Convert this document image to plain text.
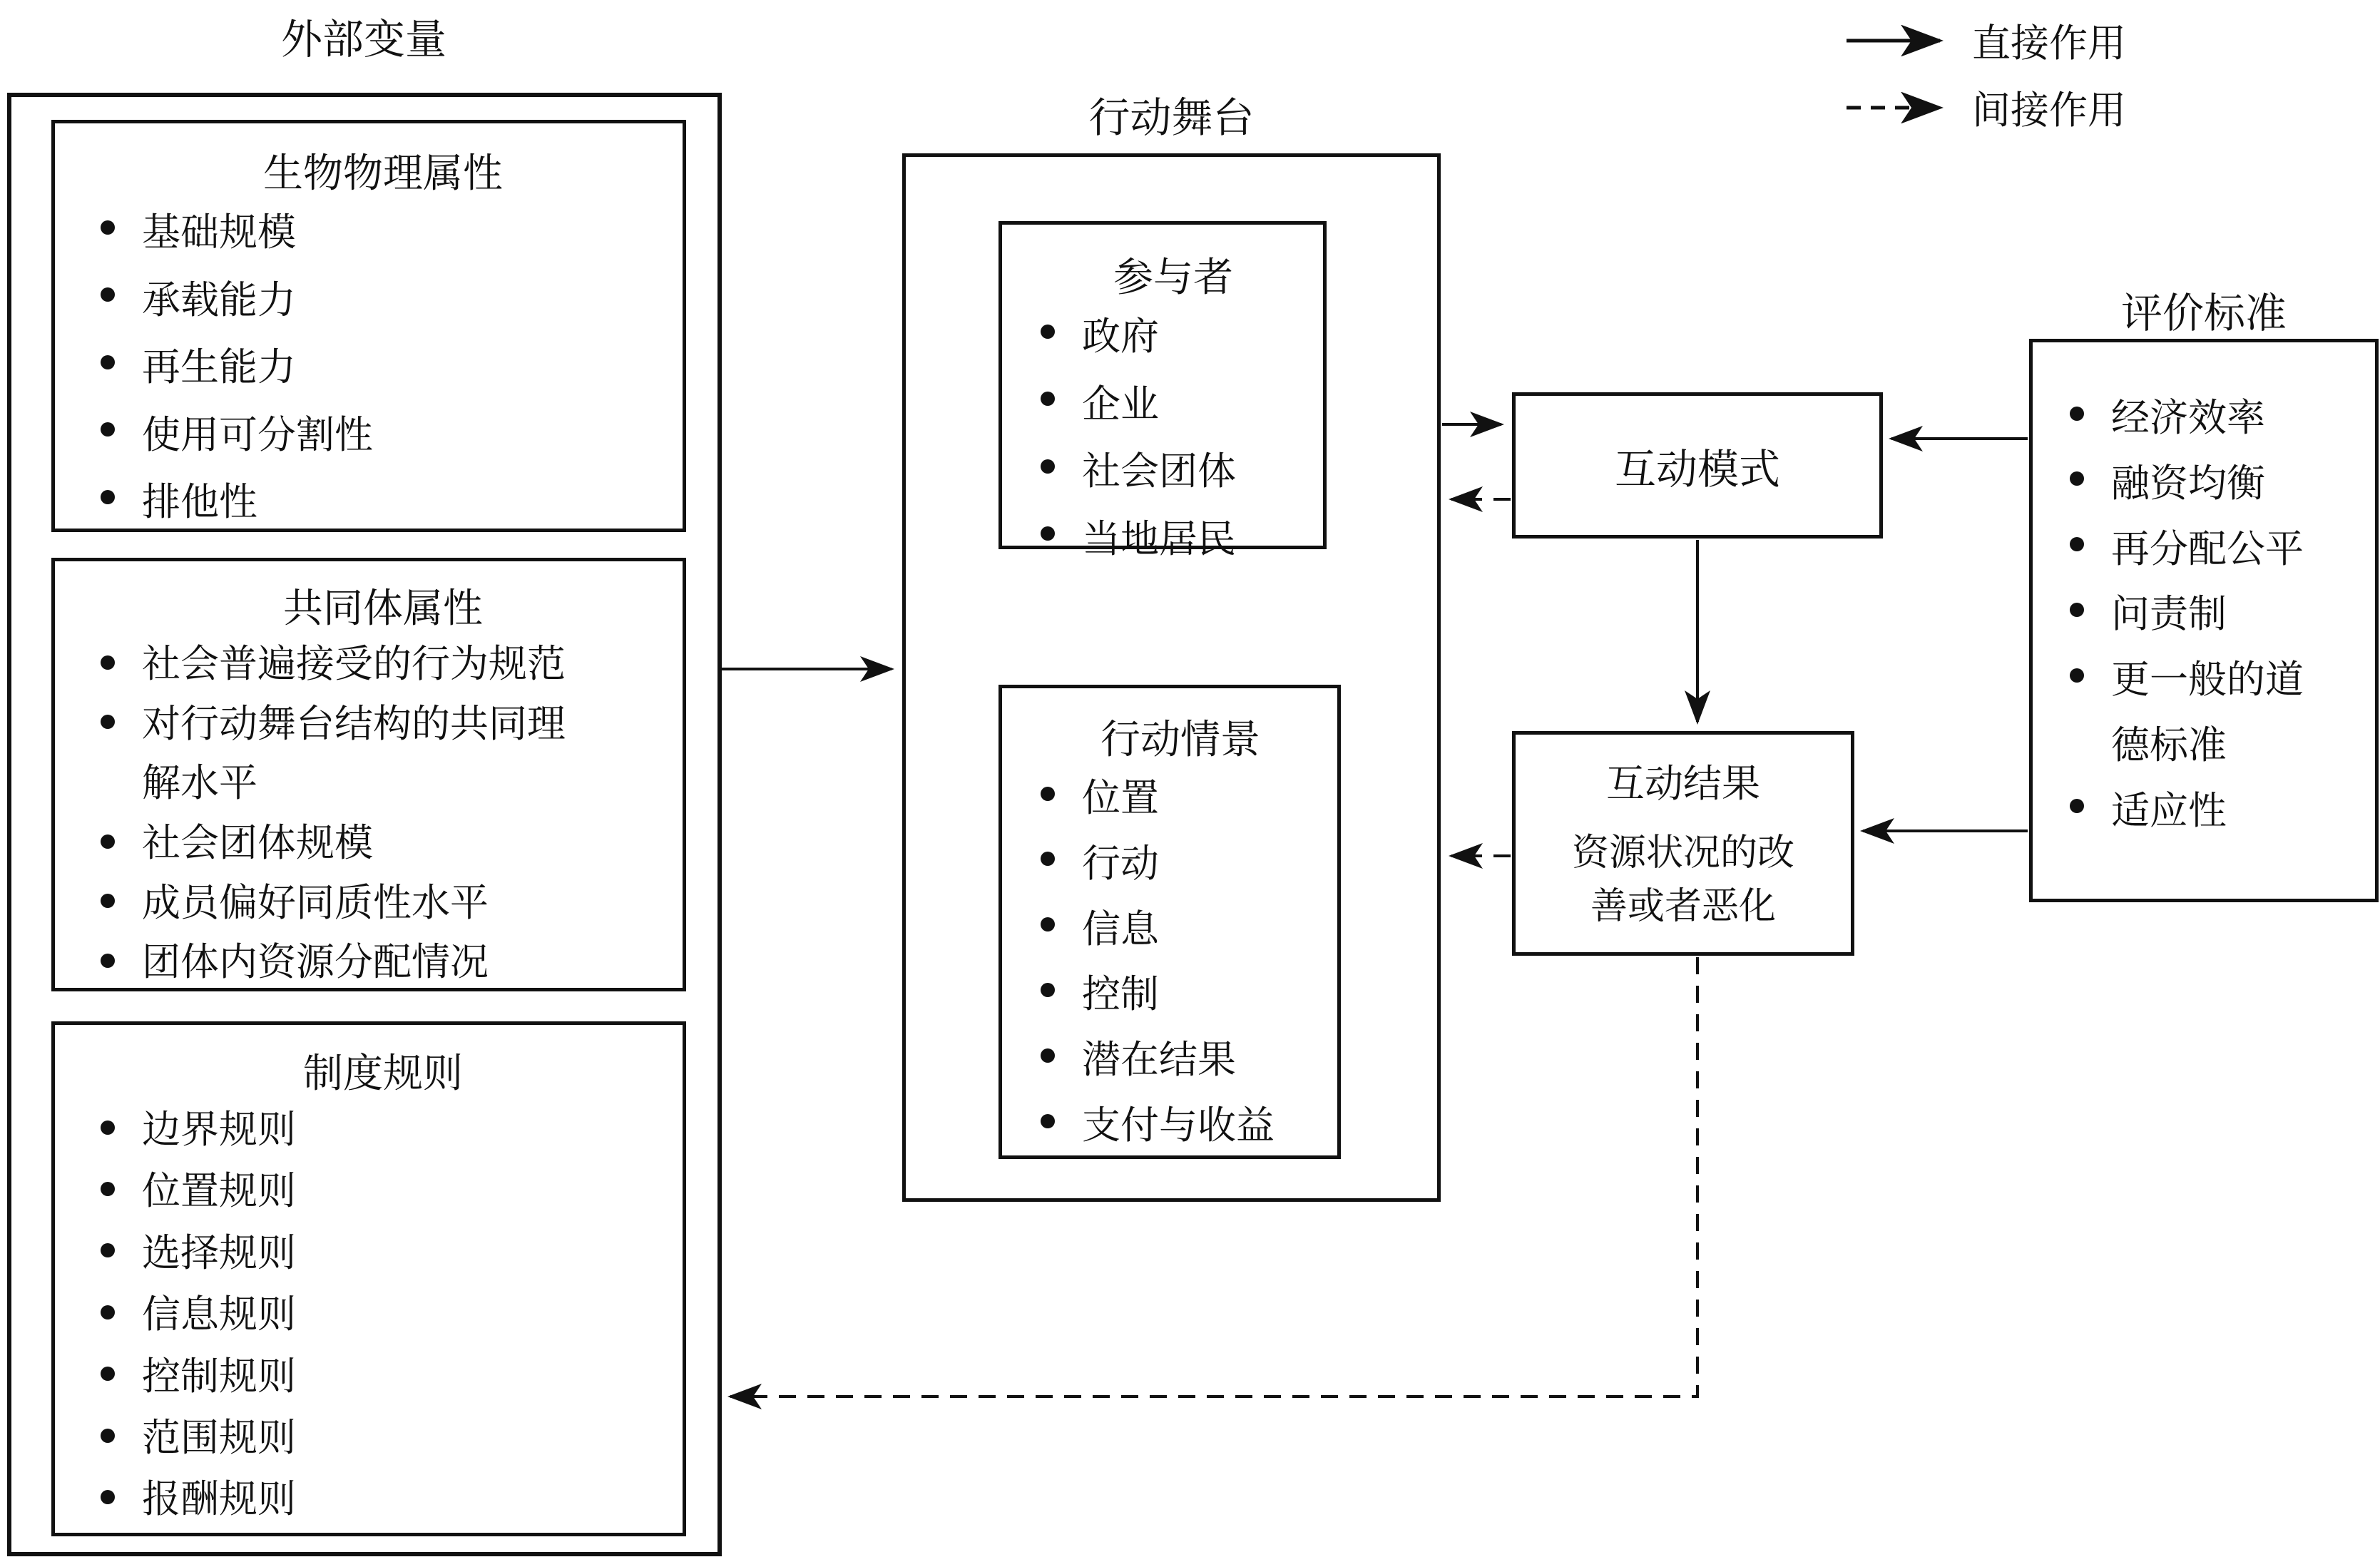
直接作用
间接作用
外部变量
生物物理属性
基础规模
承载能力
再生能力
使用可分割性
排他性
共同体属性
社会普遍接受的行为规范
对行动舞台结构的共同理解水平
社会团体规模
成员偏好同质性水平
团体内资源分配情况
制度规则
边界规则
位置规则
选择规则
信息规则
控制规则
范围规则
报酬规则
行动舞台
参与者
政府
企业
社会团体
当地居民
行动情景
位置
行动
信息
控制
潜在结果
支付与收益
互动模式
互动结果

资源状况的改善或者恶化

评价标准
经济效率
融资均衡
再分配公平
问责制
更一般的道德标准
适应性
